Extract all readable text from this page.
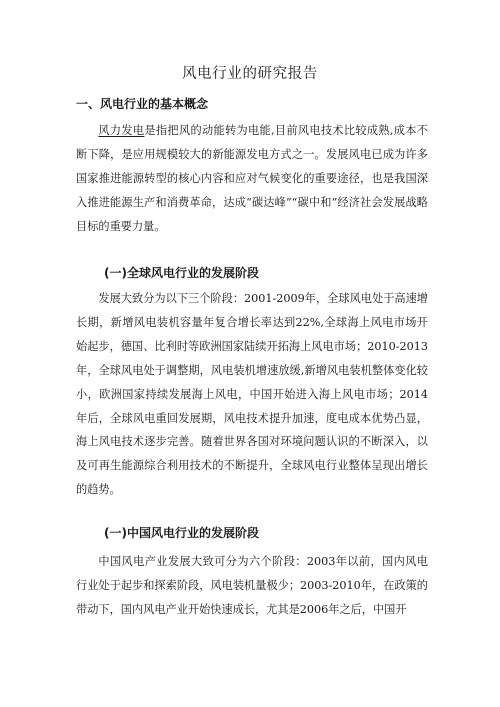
风电行业的研究报告
一、风电行业的基本概念

风力发电是指把风的动能转为电能,目前风电技术比较成熟,成本不断下降，是应用规模较大的新能源发电方式之一。发展风电已成为许多国家推进能源转型的核心内容和应对气候变化的重要途径，也是我国深入推进能源生产和消费革命，达成“碳达峰”“碳中和”经济社会发展战略目标的重要力量。

(一)全球风电行业的发展阶段

发展大致分为以下三个阶段：2001-2009年，全球风电处于高速增长期，新增风电装机容量年复合增长率达到22%,全球海上风电市场开始起步，德国、比利时等欧洲国家陆续开拓海上风电市场；2010-2013年，全球风电处于调整期，风电装机增速放缓,新增风电装机整体变化较小，欧洲国家持续发展海上风电，中国开始进入海上风电市场；2014年后，全球风电重回发展期，风电技术提升加速，度电成本优势凸显，海上风电技术逐步完善。随着世界各国对环境问题认识的不断深入，以及可再生能源综合利用技术的不断提升，全球风电行业整体呈现出增长的趋势。

(一)中国风电行业的发展阶段

中国风电产业发展大致可分为六个阶段：2003年以前，国内风电行业处于起步和探索阶段，风电装机量极少；2003-2010年，在政策的带动下，国内风电产业开始快速成长，尤其是2006年之后，中国开
